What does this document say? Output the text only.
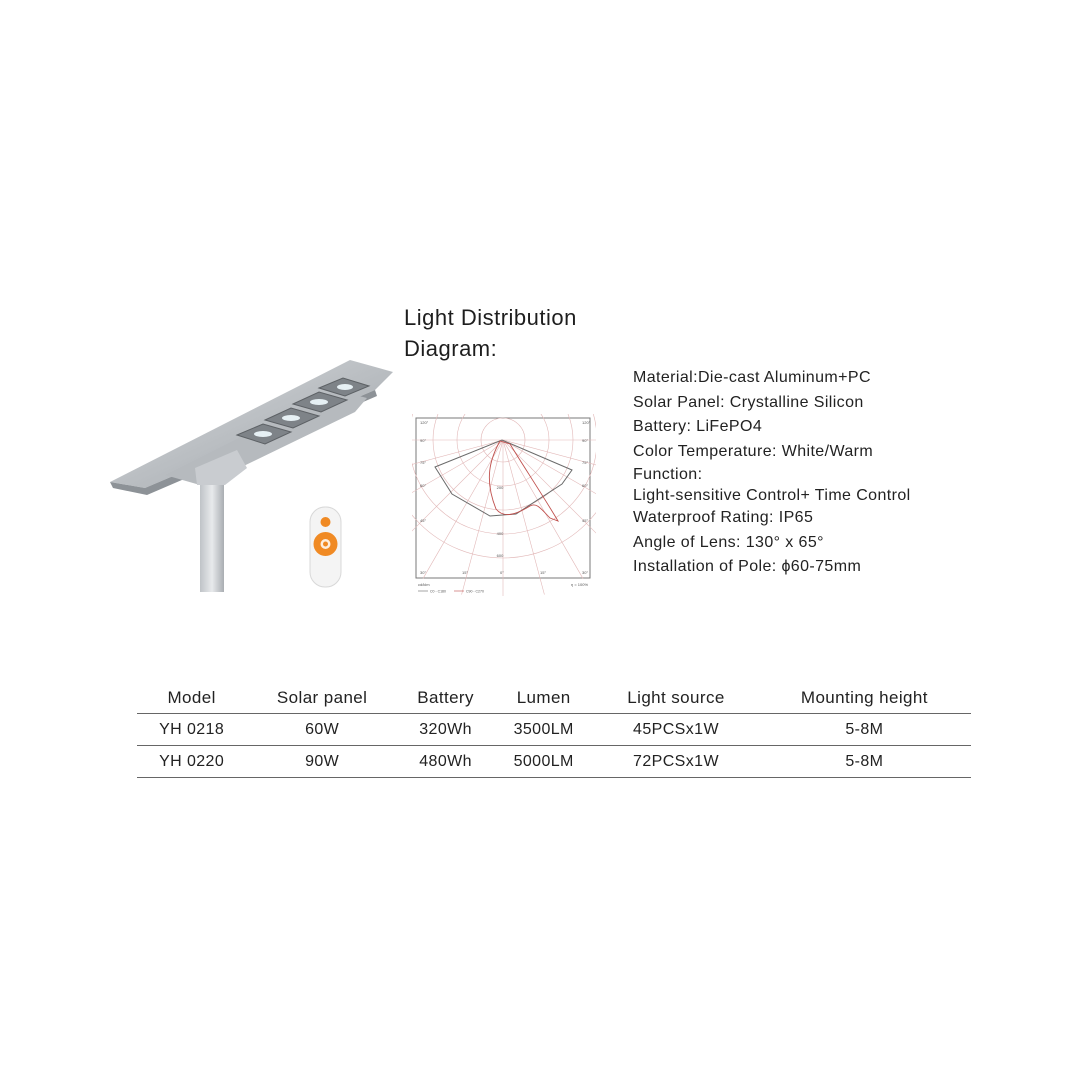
Light Distribution
Diagram:
120°	120°
90°	90°
75°	75°
60°	60°
45°	45°
30°	30°
15°	15°
0°
200
400
600
cd/klm
C0 - C180	C90 - C270
η = 100%
Material:Die-cast Aluminum+PC
Solar Panel: Crystalline Silicon
Battery: LiFePO4
Color Temperature: White/Warm
Function:
Light-sensitive Control+ Time Control
Waterproof Rating: IP65
Angle of Lens: 130° x 65°
Installation of Pole: ϕ60-75mm
Model	Solar panel	Battery	Lumen	Light source	Mounting height
YH 0218	60W	320Wh	3500LM	45PCSx1W	5-8M
YH 0220	90W	480Wh	5000LM	72PCSx1W	5-8M
